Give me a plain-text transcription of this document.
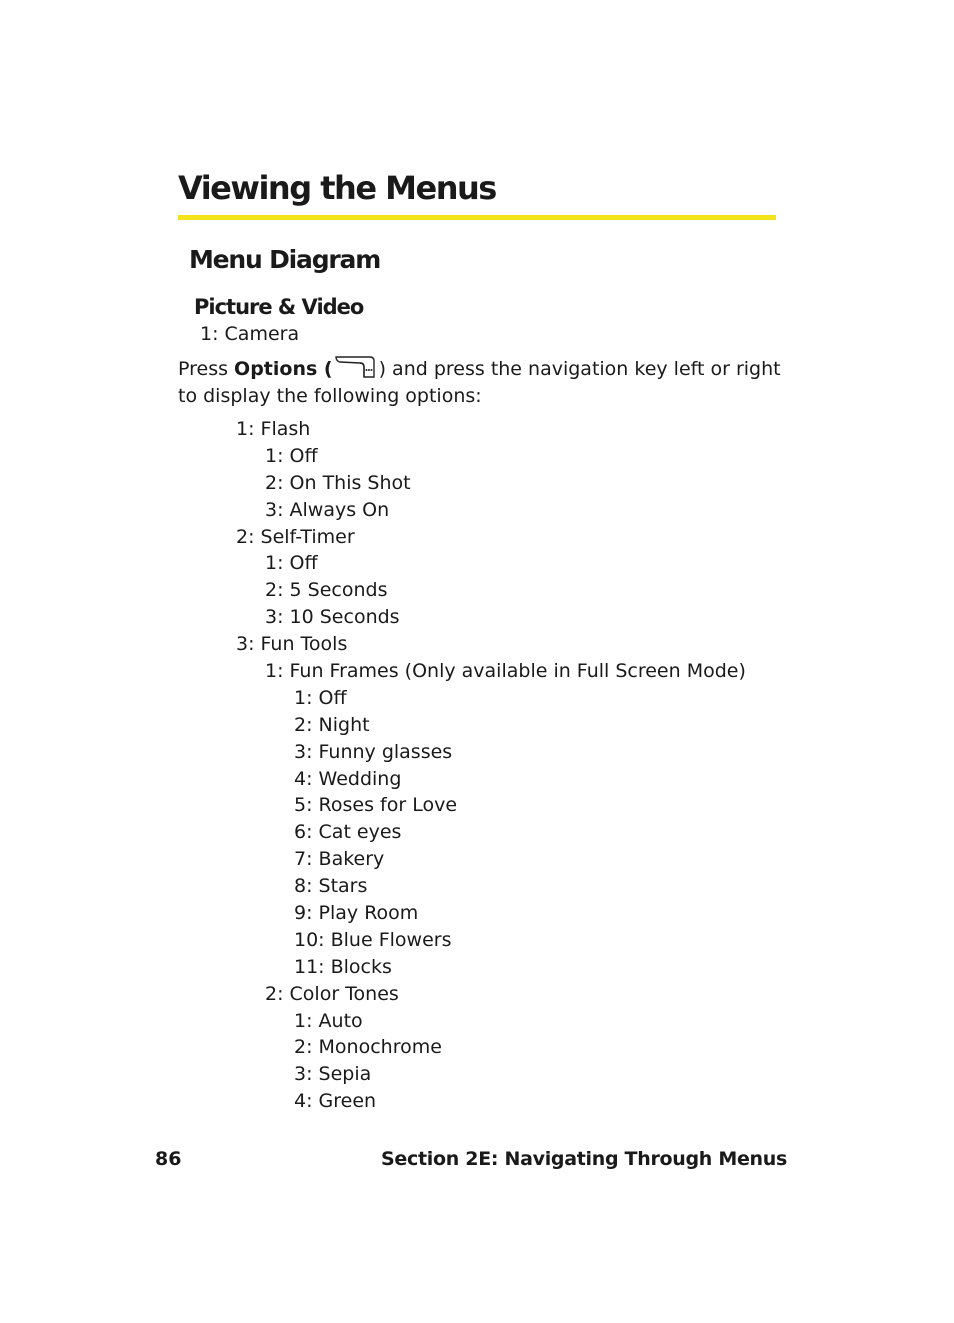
Viewing the Menus
Menu Diagram
Picture & Video
1: Camera

Press Options ( ) and press the navigation key left or right
to display the following options:

1: Flash
1: Off
2: On This Shot
3: Always On
2: Self-Timer
1: Off
2: 5 Seconds
3: 10 Seconds
3: Fun Tools
1: Fun Frames (Only available in Full Screen Mode)
1: Off
2: Night
3: Funny glasses
4: Wedding
5: Roses for Love
6: Cat eyes
7: Bakery
8: Stars
9: Play Room
10: Blue Flowers
11: Blocks
2: Color Tones
1: Auto
2: Monochrome
3: Sepia
4: Green
86	Section 2E: Navigating Through Menus
